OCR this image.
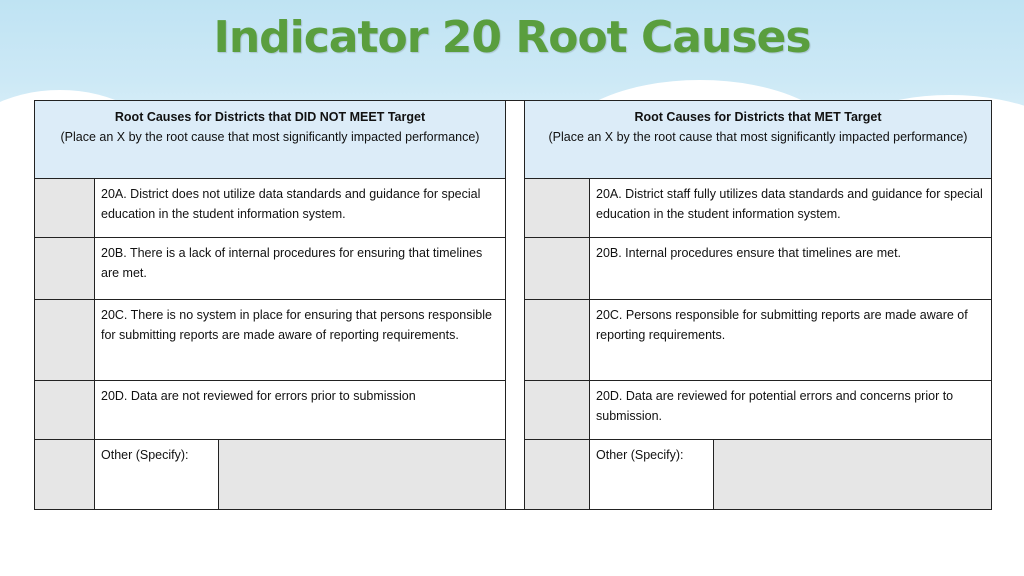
Indicator 20 Root Causes
Root Causes for Districts that DID NOT MEET Target
(Place an X by the root cause that most significantly impacted performance)				Root Causes for Districts that MET Target
(Place an X by the root cause that most significantly impacted performance)		

	20A. District does not utilize data standards and guidance for special education in the student information system.				20A. District staff fully utilizes data standards and guidance for special education in the student information system.	
	20B. There is a lack of internal procedures for ensuring that timelines are met.				20B. Internal procedures ensure that timelines are met.	
	20C. There is no system in place for ensuring that persons responsible for submitting reports are made aware of reporting requirements.				20C. Persons responsible for submitting reports are made aware of reporting requirements.	
	20D. Data are not reviewed for errors prior to submission				20D. Data are reviewed for potential errors and concerns prior to submission.	
	Other (Specify):				Other (Specify):	
